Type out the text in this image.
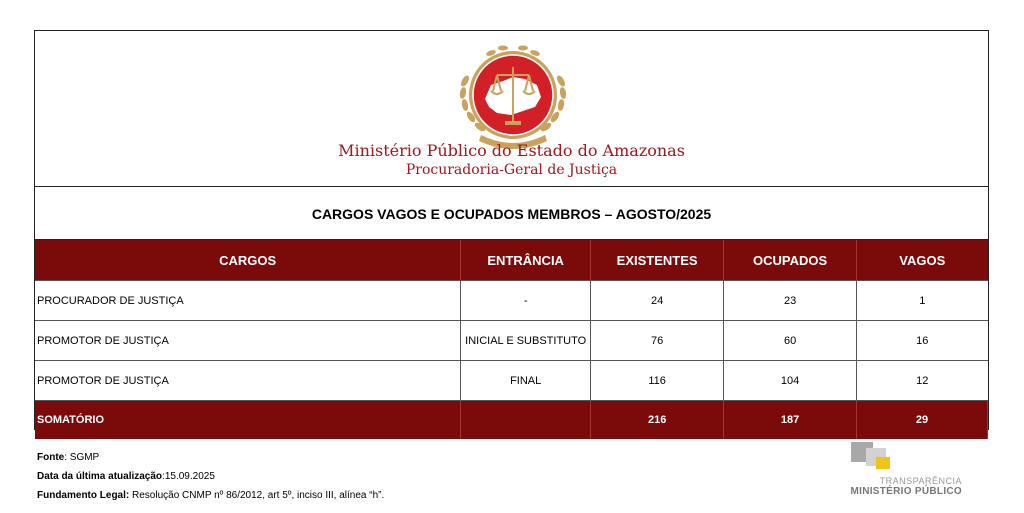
Ministério Público do Estado do Amazonas
Procuradoria-Geral de Justiça
CARGOS VAGOS E OCUPADOS MEMBROS – AGOSTO/2025
CARGOS	ENTRÂNCIA	EXISTENTES	OCUPADOS	VAGOS
PROCURADOR DE JUSTIÇA	-	24	23	1
PROMOTOR DE JUSTIÇA	INICIAL E SUBSTITUTO	76	60	16
PROMOTOR DE JUSTIÇA	FINAL	116	104	12
SOMATÓRIO		216	187	29
Fonte: SGMP
Data da última atualização:15.09.2025
Fundamento Legal: Resolução CNMP nº 86/2012, art 5º, inciso III, alínea “h”.
TRANSPARÊNCIA
MINISTÉRIO PÚBLICO
